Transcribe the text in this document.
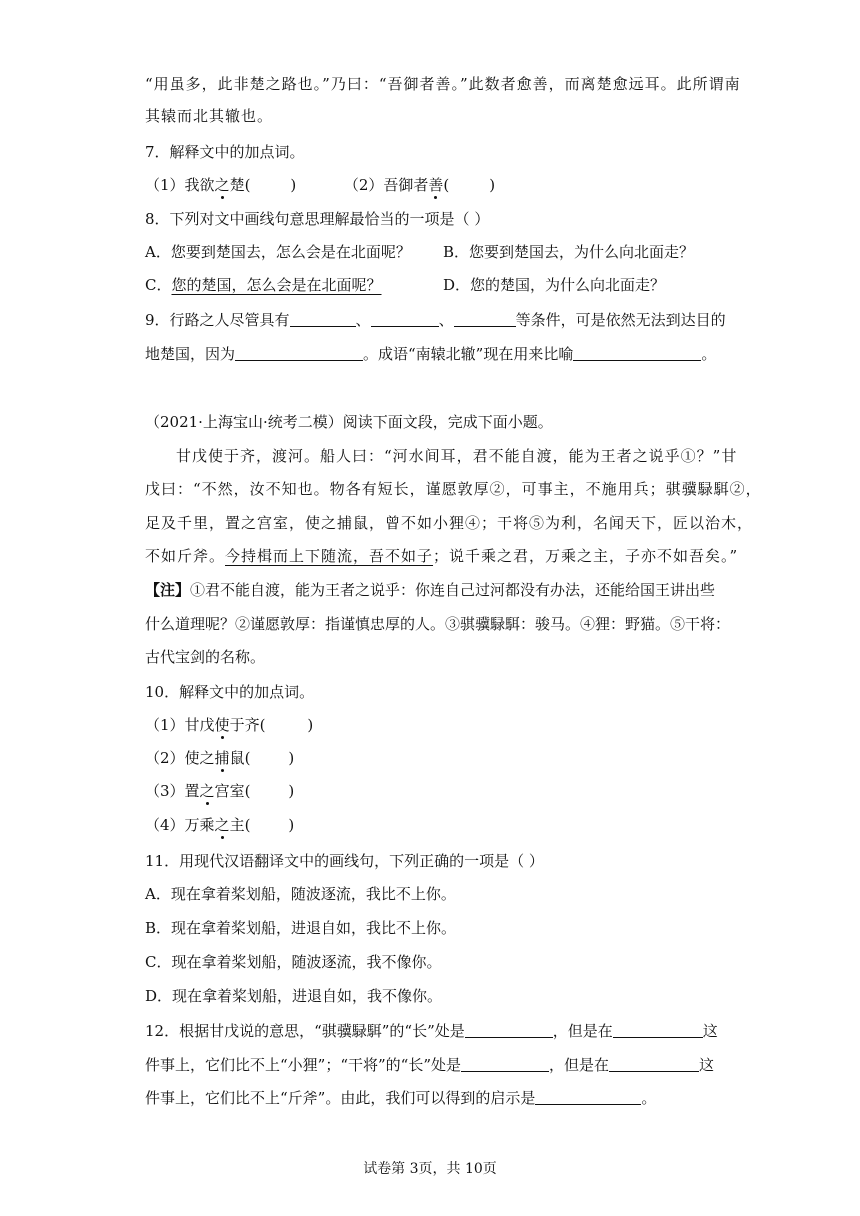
“用虽多，此非楚之路也。”乃曰：“吾御者善。”此数者愈善，而离楚愈远耳。此所谓南
其辕而北其辙也。
7．解释文中的加点词。
（1）我欲之楚(	)	（2）吾御者善(	)
8．下列对文中画线句意思理解最恰当的一项是（ ）
A．您要到楚国去，怎么会是在北面呢？ B．您要到楚国去，为什么向北面走？
C．您的楚国，怎么会是在北面呢？	D．您的楚国，为什么向北面走？
9．行路之人尽管具有	、	、	等条件，可是依然无法到达目的
地楚国，因为	。成语“南辕北辙”现在用来比喻	。
（2021·上海宝山·统考二模）阅读下面文段，完成下面小题。
甘戊使于齐，渡河。船人曰：“河水间耳，君不能自渡，能为王者之说乎①？”甘
戊曰：“不然，汝不知也。物各有短长，谨愿敦厚②，可事主，不施用兵；骐骥騄駬②，
足及千里，置之宫室，使之捕鼠，曾不如小狸④；干将⑤为利，名闻天下，匠以治木，
不如斤斧。今持楫而上下随流，吾不如子；说千乘之君，万乘之主，子亦不如吾矣。”
【注】①君不能自渡，能为王者之说乎：你连自己过河都没有办法，还能给国王讲出些
什么道理呢？②谨愿敦厚：指谨慎忠厚的人。③骐骥騄駬：骏马。④狸：野猫。⑤干将：
古代宝剑的名称。
10．解释文中的加点词。
（1）甘戊使于齐(	)
（2）使之捕鼠(	)
（3）置之宫室(	)
（4）万乘之主(	)
11．用现代汉语翻译文中的画线句，下列正确的一项是（ ）
A．现在拿着桨划船，随波逐流，我比不上你。
B．现在拿着桨划船，进退自如，我比不上你。
C．现在拿着桨划船，随波逐流，我不像你。
D．现在拿着桨划船，进退自如，我不像你。
12．根据甘戊说的意思，“骐骥騄駬”的“长”处是	，但是在	这
件事上，它们比不上“小狸”；“干将”的“长”处是	，但是在	这
件事上，它们比不上“斤斧”。由此，我们可以得到的启示是	。
试卷第 3页，共 10页
